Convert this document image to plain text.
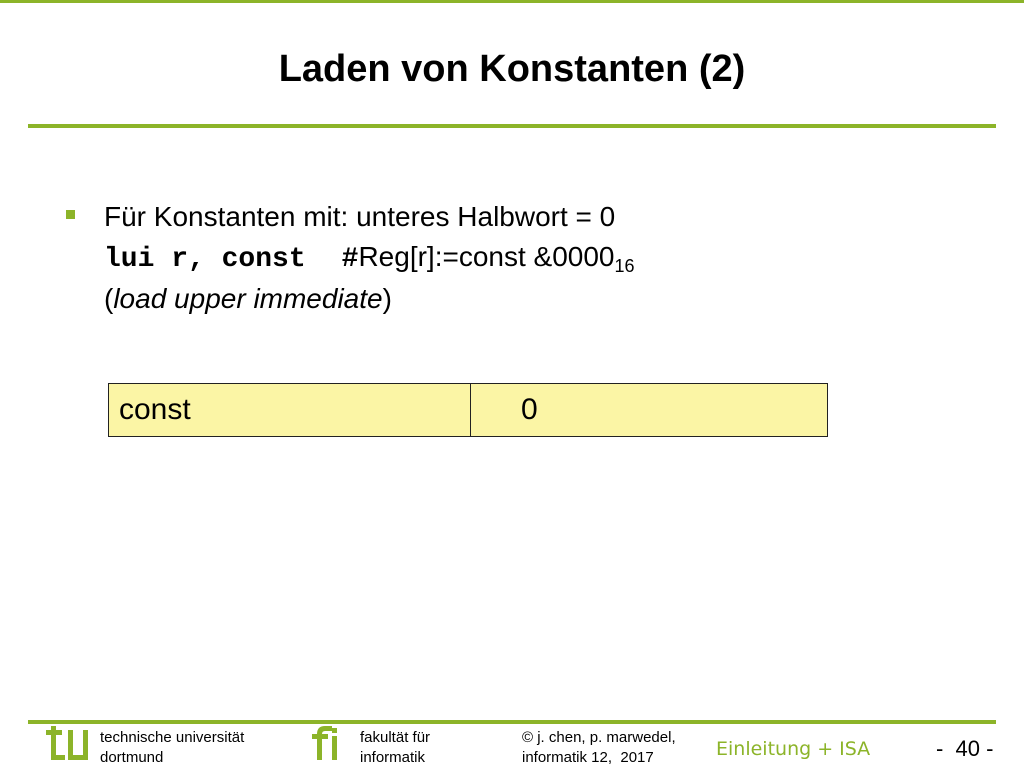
Laden von Konstanten (2)
Für Konstanten mit: unteres Halbwort = 0
lui r, const #Reg[r]:=const $\&0000_{16}$
(load upper immediate)
const	0
technische universität
dortmund
fakultät für
informatik
© j. chen, p. marwedel,
informatik 12,  2017	Einleitung + ISA	-  40 -
